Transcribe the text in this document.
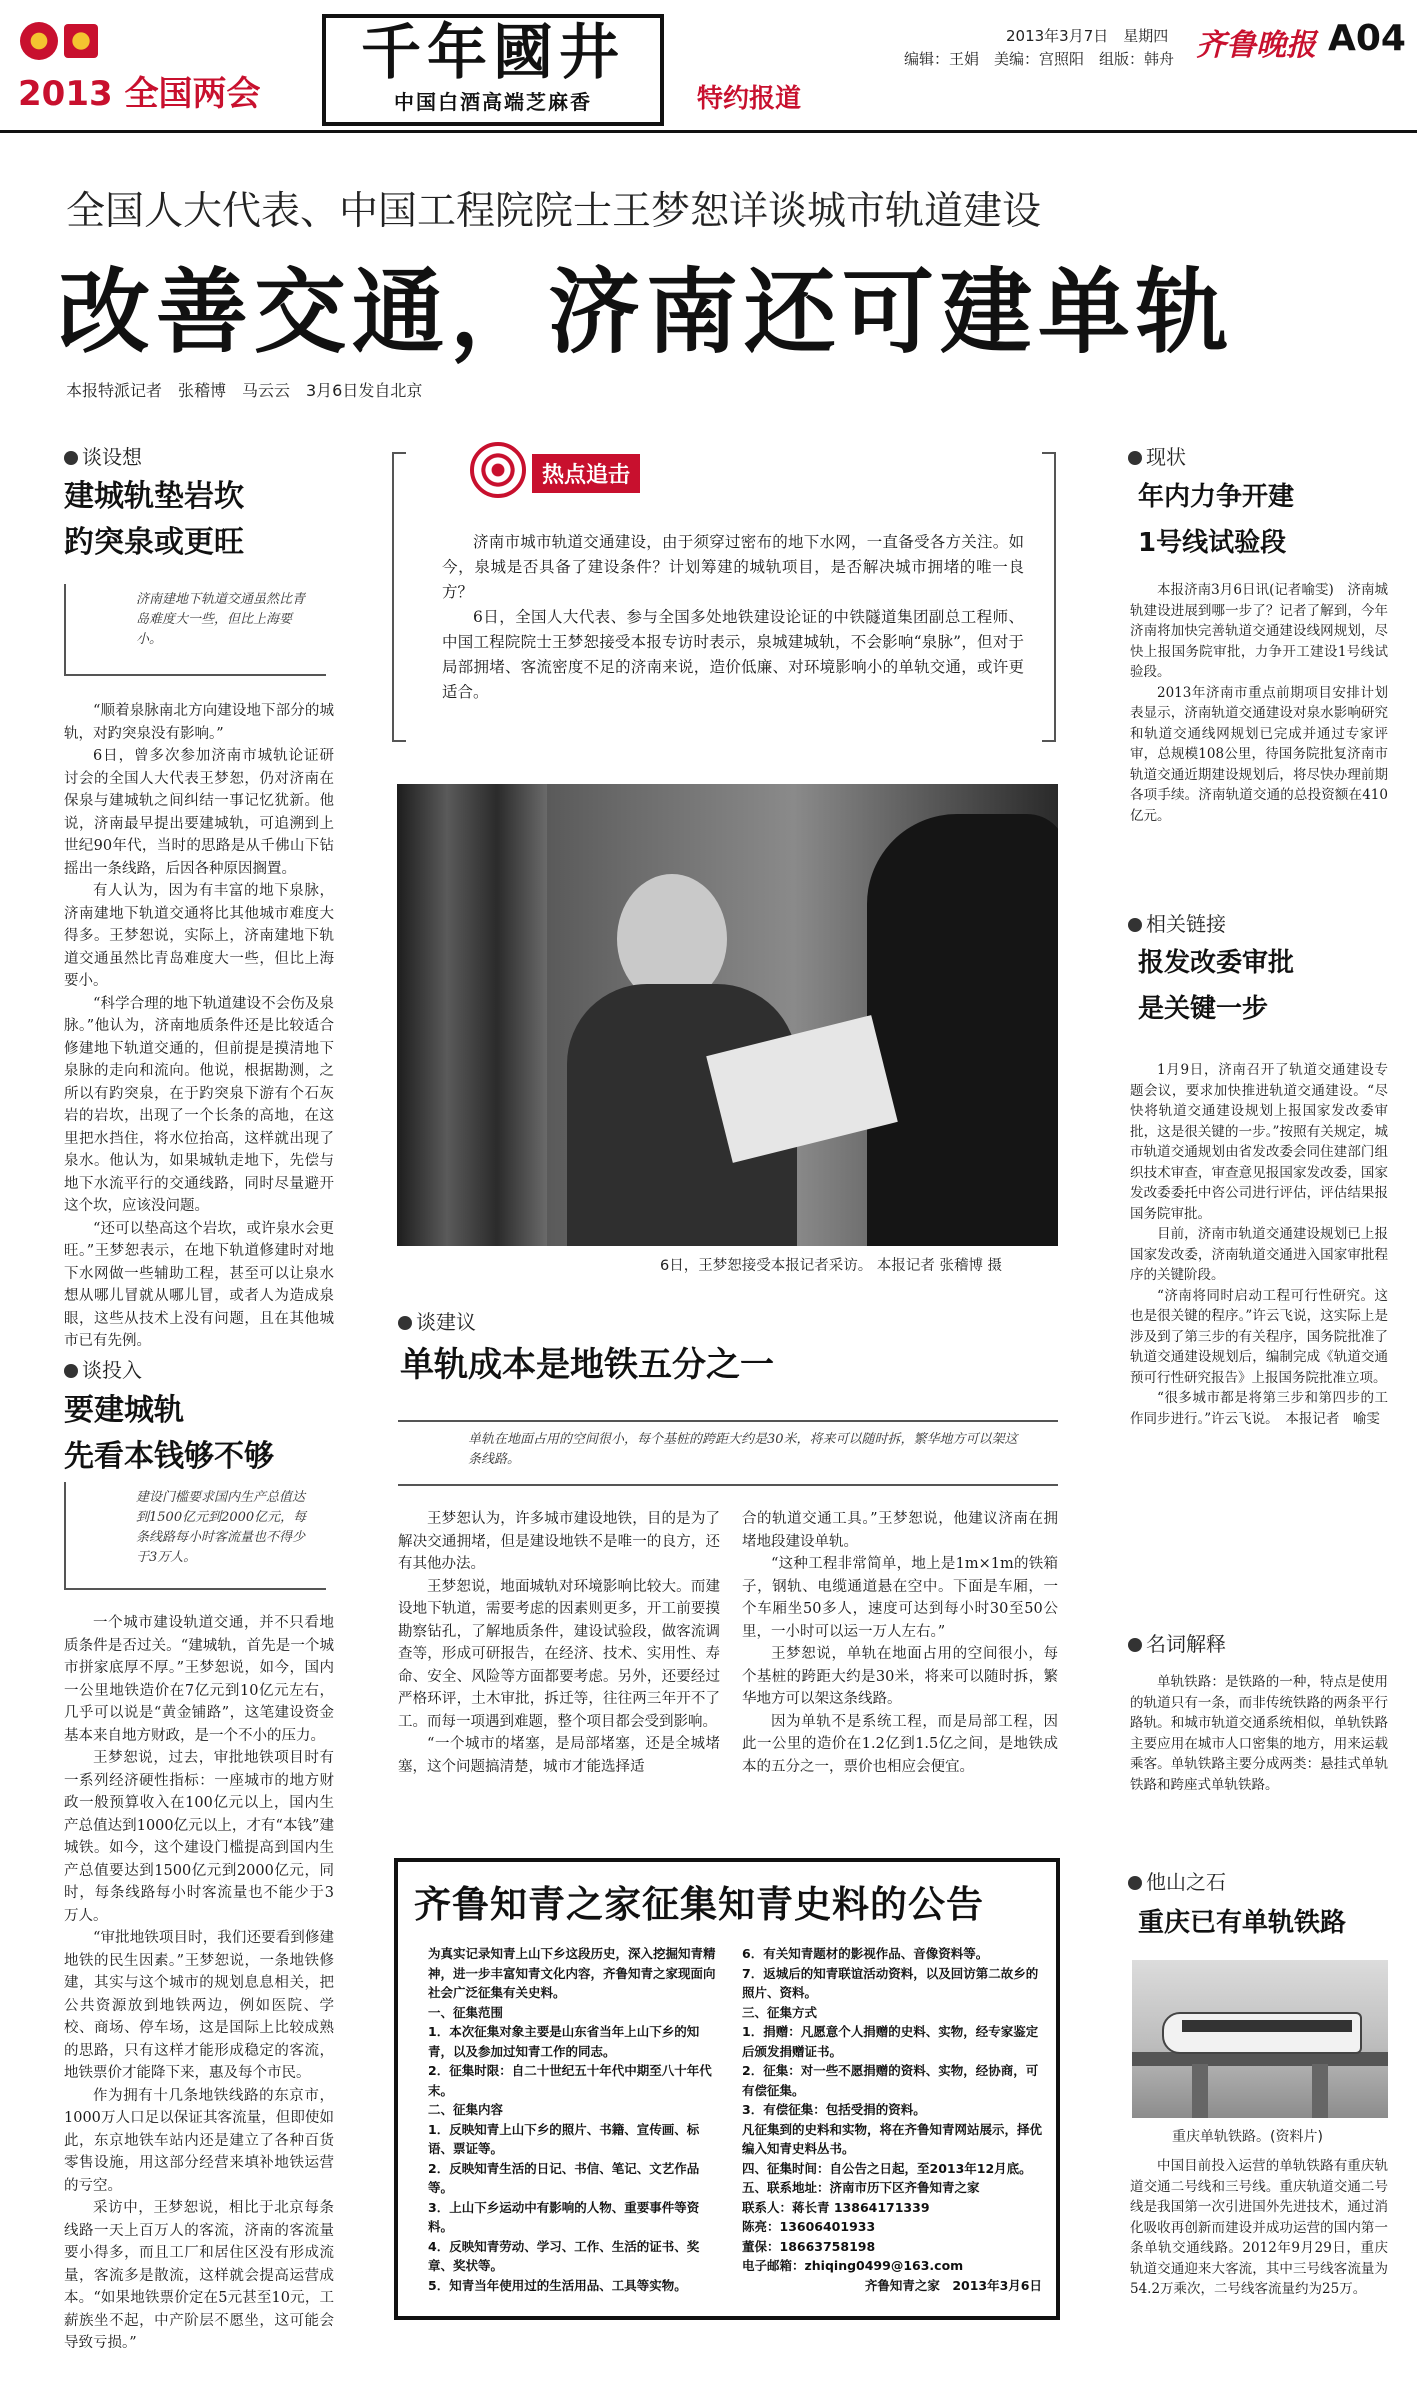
2013 全国两会
千年國井
中国白酒高端芝麻香	特约报道
2013年3月7日　星期四
编辑：王娟　美编：宫照阳　组版：韩舟 齐鲁晚报 A04
全国人大代表、中国工程院院士王梦恕详谈城市轨道建设
改善交通，济南还可建单轨
本报特派记者　张稽博　马云云　3月6日发自北京
热点追击

济南市城市轨道交通建设，由于须穿过密布的地下水网，一直备受各方关注。如今，泉城是否具备了建设条件？计划筹建的城轨项目，是否解决城市拥堵的唯一良方？

6日，全国人大代表、参与全国多处地铁建设论证的中铁隧道集团副总工程师、中国工程院院士王梦恕接受本报专访时表示，泉城建城轨，不会影响“泉脉”，但对于局部拥堵、客流密度不足的济南来说，造价低廉、对环境影响小的单轨交通，或许更适合。

6日，王梦恕接受本报记者采访。 本报记者 张稽博 摄
谈设想
建城轨垫岩坎
趵突泉或更旺
济南建地下轨道交通虽然比青岛难度大一些，但比上海要小。

“顺着泉脉南北方向建设地下部分的城轨，对趵突泉没有影响。”

6日，曾多次参加济南市城轨论证研讨会的全国人大代表王梦恕，仍对济南在保泉与建城轨之间纠结一事记忆犹新。他说，济南最早提出要建城轨，可追溯到上世纪90年代，当时的思路是从千佛山下钻摇出一条线路，后因各种原因搁置。

有人认为，因为有丰富的地下泉脉，济南建地下轨道交通将比其他城市难度大得多。王梦恕说，实际上，济南建地下轨道交通虽然比青岛难度大一些，但比上海要小。

“科学合理的地下轨道建设不会伤及泉脉。”他认为，济南地质条件还是比较适合修建地下轨道交通的，但前提是摸清地下泉脉的走向和流向。他说，根据勘测，之所以有趵突泉，在于趵突泉下游有个石灰岩的岩坎，出现了一个长条的高地，在这里把水挡住，将水位抬高，这样就出现了泉水。他认为，如果城轨走地下，先偿与地下水流平行的交通线路，同时尽量避开这个坎，应该没问题。

“还可以垫高这个岩坎，或许泉水会更旺。”王梦恕表示，在地下轨道修建时对地下水网做一些辅助工程，甚至可以让泉水想从哪儿冒就从哪儿冒，或者人为造成泉眼，这些从技术上没有问题，且在其他城市已有先例。

谈投入
要建城轨
先看本钱够不够
建设门槛要求国内生产总值达到1500亿元到2000亿元，每条线路每小时客流量也不得少于3万人。

一个城市建设轨道交通，并不只看地质条件是否过关。“建城轨，首先是一个城市拼家底厚不厚。”王梦恕说，如今，国内一公里地铁造价在7亿元到10亿元左右，几乎可以说是“黄金铺路”，这笔建设资金基本来自地方财政，是一个不小的压力。

王梦恕说，过去，审批地铁项目时有一系列经济硬性指标：一座城市的地方财政一般预算收入在100亿元以上，国内生产总值达到1000亿元以上，才有“本钱”建城铁。如今，这个建设门槛提高到国内生产总值要达到1500亿元到2000亿元，同时，每条线路每小时客流量也不能少于3万人。

“审批地铁项目时，我们还要看到修建地铁的民生因素。”王梦恕说，一条地铁修建，其实与这个城市的规划息息相关，把公共资源放到地铁两边，例如医院、学校、商场、停车场，这是国际上比较成熟的思路，只有这样才能形成稳定的客流，地铁票价才能降下来，惠及每个市民。

作为拥有十几条地铁线路的东京市，1000万人口足以保证其客流量，但即使如此，东京地铁车站内还是建立了各种百货零售设施，用这部分经营来填补地铁运营的亏空。

采访中，王梦恕说，相比于北京每条线路一天上百万人的客流，济南的客流量要小得多，而且工厂和居住区没有形成流量，客流多是散流，这样就会提高运营成本。“如果地铁票价定在5元甚至10元，工薪族坐不起，中产阶层不愿坐，这可能会导致亏损。”

谈建议
单轨成本是地铁五分之一
单轨在地面占用的空间很小，每个基桩的跨距大约是30米，将来可以随时拆，繁华地方可以架这条线路。

王梦恕认为，许多城市建设地铁，目的是为了解决交通拥堵，但是建设地铁不是唯一的良方，还有其他办法。

王梦恕说，地面城轨对环境影响比较大。而建设地下轨道，需要考虑的因素则更多，开工前要摸勘察钻孔，了解地质条件，建设试验段，做客流调查等，形成可研报告，在经济、技术、实用性、寿命、安全、风险等方面都要考虑。另外，还要经过严格环评，土木审批，拆迁等，往往两三年开不了工。而每一项遇到难题，整个项目都会受到影响。

“一个城市的堵塞，是局部堵塞，还是全城堵塞，这个问题搞清楚，城市才能选择适

合的轨道交通工具。”王梦恕说，他建议济南在拥堵地段建设单轨。

“这种工程非常简单，地上是1m×1m的铁箱子，钢轨、电缆通道悬在空中。下面是车厢，一个车厢坐50多人，速度可达到每小时30至50公里，一小时可以运一万人左右。”

王梦恕说，单轨在地面占用的空间很小，每个基桩的跨距大约是30米，将来可以随时拆，繁华地方可以架这条线路。

因为单轨不是系统工程，而是局部工程，因此一公里的造价在1.2亿到1.5亿之间，是地铁成本的五分之一，票价也相应会便宜。

齐鲁知青之家征集知青史料的公告
为真实记录知青上山下乡这段历史，深入挖掘知青精神，进一步丰富知青文化内容，齐鲁知青之家现面向社会广泛征集有关史料。
一、征集范围
1．本次征集对象主要是山东省当年上山下乡的知青，以及参加过知青工作的同志。
2．征集时限：自二十世纪五十年代中期至八十年代末。
二、征集内容
1．反映知青上山下乡的照片、书籍、宣传画、标语、票证等。
2．反映知青生活的日记、书信、笔记、文艺作品等。
3．上山下乡运动中有影响的人物、重要事件等资料。
4．反映知青劳动、学习、工作、生活的证书、奖章、奖状等。
5．知青当年使用过的生活用品、工具等实物。
6．有关知青题材的影视作品、音像资料等。
7．返城后的知青联谊活动资料，以及回访第二故乡的照片、资料。
三、征集方式
1．捐赠：凡愿意个人捐赠的史料、实物，经专家鉴定后颁发捐赠证书。
2．征集：对一些不愿捐赠的资料、实物，经协商，可有偿征集。
3．有偿征集：包括受捐的资料。
凡征集到的史料和实物，将在齐鲁知青网站展示，择优编入知青史料丛书。
四、征集时间：自公告之日起，至2013年12月底。
五、联系地址：济南市历下区齐鲁知青之家
联系人：蒋长青 13864171339
陈亮：13606401933
董保：18663758198
电子邮箱：zhiqing0499@163.com
齐鲁知青之家　2013年3月6日
现状
年内力争开建
1号线试验段

本报济南3月6日讯(记者喻雯)　济南城轨建设进展到哪一步了？记者了解到，今年济南将加快完善轨道交通建设线网规划，尽快上报国务院审批，力争开工建设1号线试验段。

2013年济南市重点前期项目安排计划表显示，济南轨道交通建设对泉水影响研究和轨道交通线网规划已完成并通过专家评审，总规模108公里，待国务院批复济南市轨道交通近期建设规划后，将尽快办理前期各项手续。济南轨道交通的总投资额在410亿元。

相关链接
报发改委审批
是关键一步

1月9日，济南召开了轨道交通建设专题会议，要求加快推进轨道交通建设。“尽快将轨道交通建设规划上报国家发改委审批，这是很关键的一步。”按照有关规定，城市轨道交通规划由省发改委会同住建部门组织技术审查，审查意见报国家发改委，国家发改委委托中咨公司进行评估，评估结果报国务院审批。

目前，济南市轨道交通建设规划已上报国家发改委，济南轨道交通进入国家审批程序的关键阶段。

“济南将同时启动工程可行性研究。这也是很关键的程序。”许云飞说，这实际上是涉及到了第三步的有关程序，国务院批准了轨道交通建设规划后，编制完成《轨道交通预可行性研究报告》上报国务院批准立项。

“很多城市都是将第三步和第四步的工作同步进行。”许云飞说。　本报记者　喻雯

名词解释

单轨铁路：是铁路的一种，特点是使用的轨道只有一条，而非传统铁路的两条平行路轨。和城市轨道交通系统相似，单轨铁路主要应用在城市人口密集的地方，用来运载乘客。单轨铁路主要分成两类：悬挂式单轨铁路和跨座式单轨铁路。

他山之石
重庆已有单轨铁路
重庆单轨铁路。(资料片)

中国目前投入运营的单轨铁路有重庆轨道交通二号线和三号线。重庆轨道交通二号线是我国第一次引进国外先进技术，通过消化吸收再创新而建设并成功运营的国内第一条单轨交通线路。2012年9月29日，重庆轨道交通迎来大客流，其中三号线客流量为54.2万乘次，二号线客流量约为25万。
